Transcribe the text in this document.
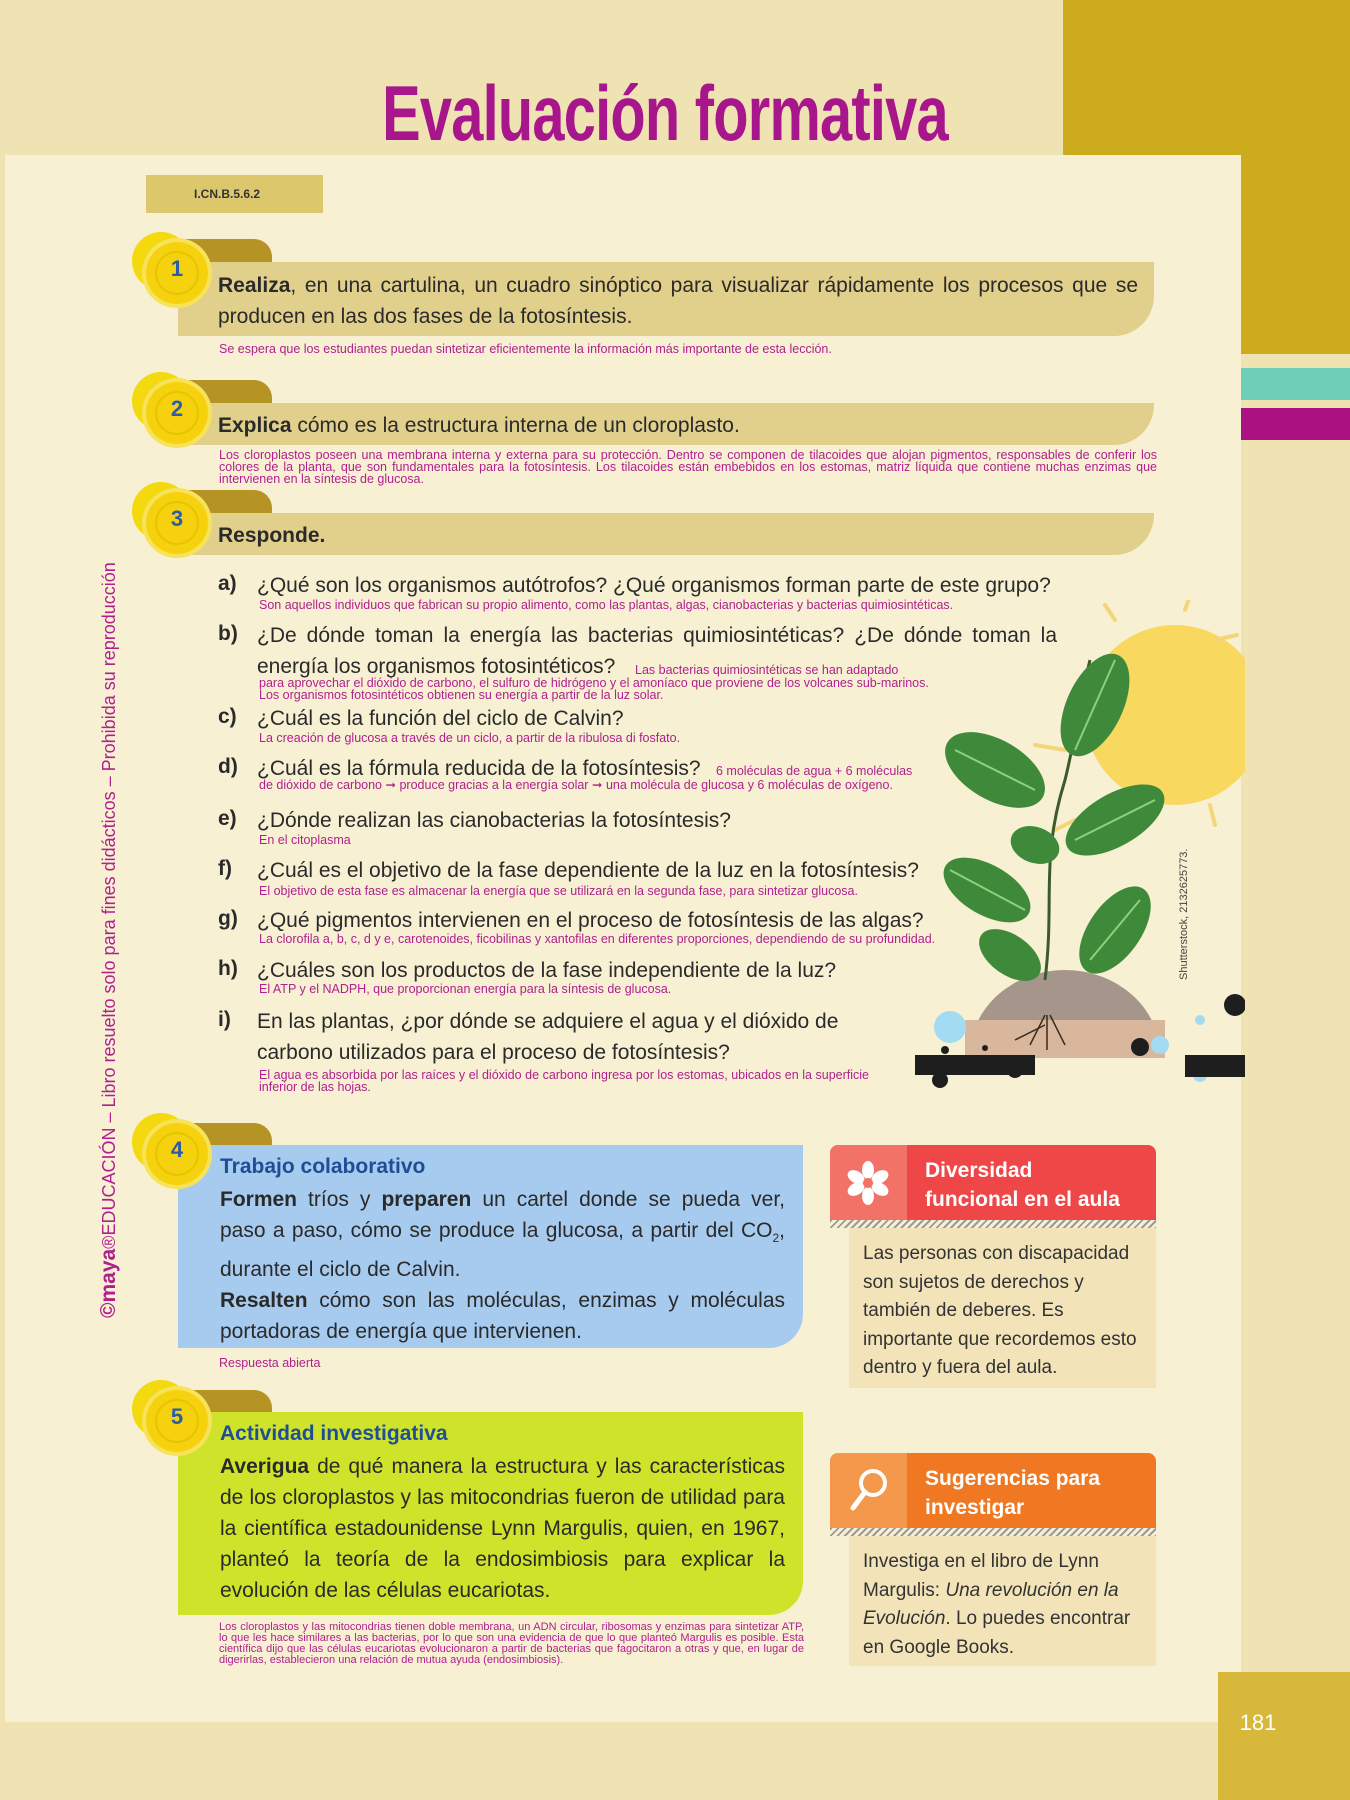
181
Evaluación formativa
I.CN.B.5.6.2
©maya®EDUCACIÓN – Libro resuelto solo para fines didácticos – Prohibida su reproducción
1
Realiza, en una cartulina, un cuadro sinóptico para visualizar rápidamente los procesos que se producen en las dos fases de la fotosíntesis.
Se espera que los estudiantes puedan sintetizar eficientemente la información más importante de esta lección.
2
Explica cómo es la estructura interna de un cloroplasto.
Los cloroplastos poseen una membrana interna y externa para su protección. Dentro se componen de tilacoides que alojan pigmentos, responsables de conferir los colores de la planta, que son fundamentales para la fotosíntesis. Los tilacoides están embebidos en los estomas, matriz líquida que contiene muchas enzimas que intervienen en la síntesis de glucosa.
3
Responde.
a) ¿Qué son los organismos autótrofos? ¿Qué organismos forman parte de este grupo?
Son aquellos individuos que fabrican su propio alimento, como las plantas, algas, cianobacterias y bacterias quimiosintéticas.
b) ¿De dónde toman la energía las bacterias quimiosintéticas? ¿De dónde toman la energía los organismos fotosintéticos?	Las bacterias quimiosintéticas se han adaptado
para aprovechar el dióxido de carbono, el sulfuro de hidrógeno y el amoníaco que proviene de los volcanes sub-marinos. Los organismos fotosintéticos obtienen su energía a partir de la luz solar.
c) ¿Cuál es la función del ciclo de Calvin?
La creación de glucosa a través de un ciclo, a partir de la ribulosa di fosfato.
d) ¿Cuál es la fórmula reducida de la fotosíntesis?	6 moléculas de agua + 6 moléculas
de dióxido de carbono ➞ produce gracias a la energía solar ➞ una molécula de glucosa y 6 moléculas de oxígeno.
e) ¿Dónde realizan las cianobacterias la fotosíntesis?
En el citoplasma
f) ¿Cuál es el objetivo de la fase dependiente de la luz en la fotosíntesis?
El objetivo de esta fase es almacenar la energía que se utilizará en la segunda fase, para sintetizar glucosa.
g) ¿Qué pigmentos intervienen en el proceso de fotosíntesis de las algas?
La clorofila a, b, c, d y e, carotenoides, ficobilinas y xantofilas en diferentes proporciones, dependiendo de su profundidad.
h) ¿Cuáles son los productos de la fase independiente de la luz?
El ATP y el NADPH, que proporcionan energía para la síntesis de glucosa.
i) En las plantas, ¿por dónde se adquiere el agua y el dióxido de carbono utilizados para el proceso de fotosíntesis?
El agua es absorbida por las raíces y el dióxido de carbono ingresa por los estomas, ubicados en la superficie inferior de las hojas.
Shutterstock, 2132625773.
4
Trabajo colaborativo
Formen tríos y preparen un cartel donde se pueda ver, paso a paso, cómo se produce la glucosa, a partir del $CO_2$, durante el ciclo de Calvin.
Resalten cómo son las moléculas, enzimas y moléculas portadoras de energía que intervienen.
Respuesta abierta
5
Actividad investigativa
Averigua de qué manera la estructura y las características de los cloroplastos y las mitocondrias fueron de utilidad para la científica estadounidense Lynn Margulis, quien, en 1967, planteó la teoría de la endosimbiosis para explicar la evolución de las células eucariotas.
Los cloroplastos y las mitocondrias tienen doble membrana, un ADN circular, ribosomas y enzimas para sintetizar ATP, lo que les hace similares a las bacterias, por lo que son una evidencia de que lo que planteó Margulis es posible. Esta científica dijo que las células eucariotas evolucionaron a partir de bacterias que fagocitaron a otras y que, en lugar de digerirlas, establecieron una relación de mutua ayuda (endosimbiosis).
Diversidad
funcional en el aula
Las personas con discapacidad son sujetos de derechos y también de deberes. Es importante que recordemos esto dentro y fuera del aula.
Sugerencias para
investigar
Investiga en el libro de Lynn Margulis: Una revolución en la Evolución. Lo puedes encontrar en Google Books.
